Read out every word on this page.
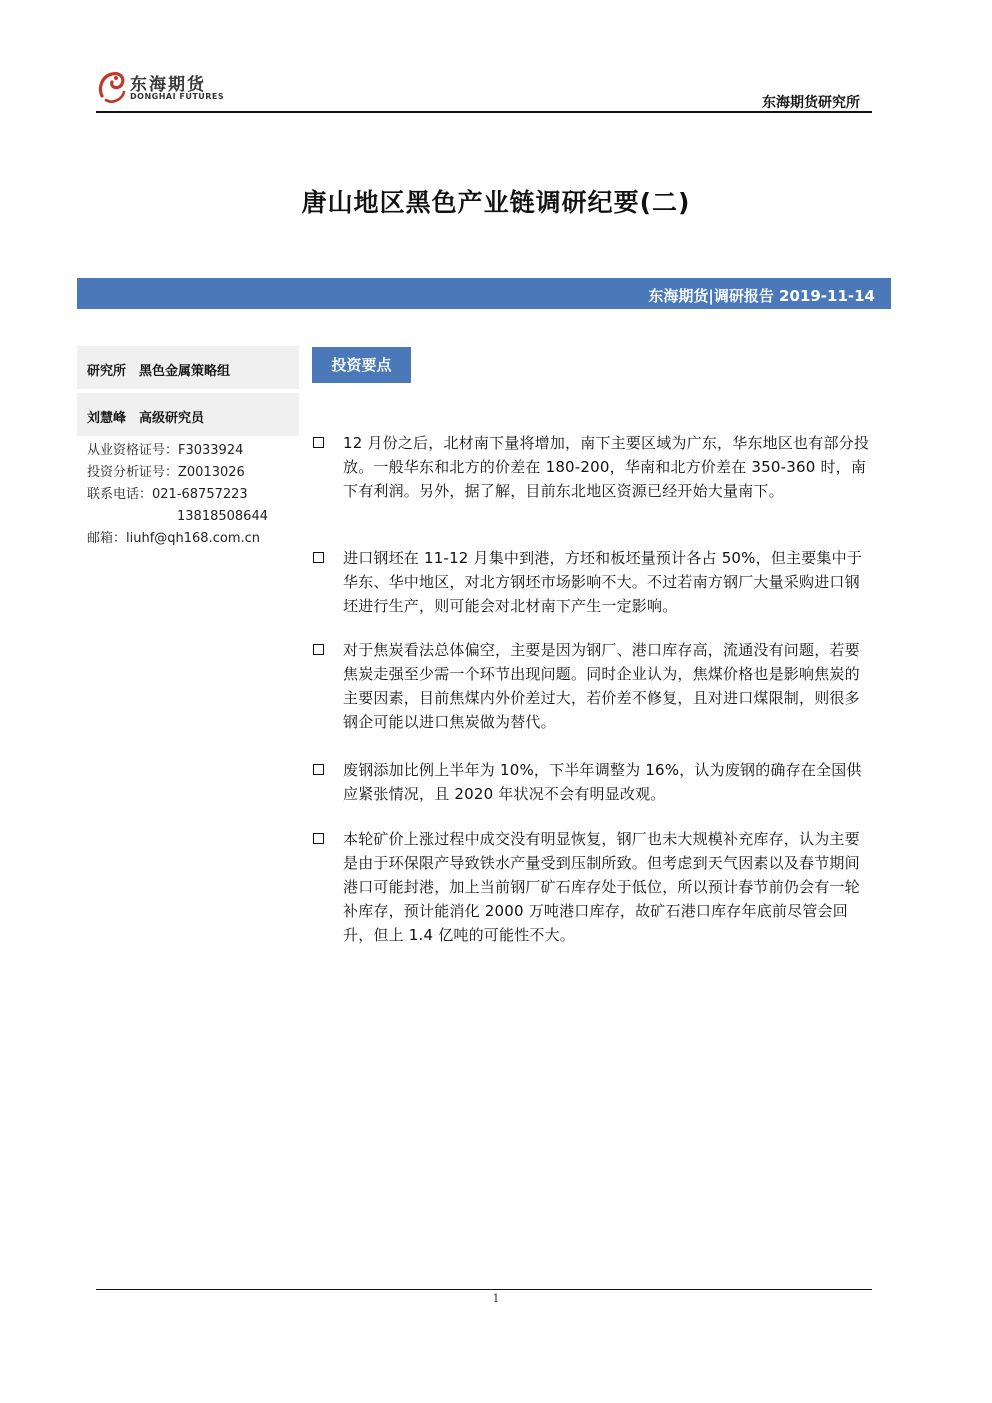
东海期货
DONGHAI FUTURES	东海期货研究所
唐山地区黑色产业链调研纪要(二)
东海期货|调研报告 2019-11-14
研究所　黑色金属策略组
刘慧峰　高级研究员
从业资格证号：F3033924
投资分析证号：Z0013026
联系电话：021-68757223
13818508644
邮箱：liuhf@qh168.com.cn
投资要点
12 月份之后，北材南下量将增加，南下主要区域为广东，华东地区也有部分投放。一般华东和北方的价差在 180-200，华南和北方价差在 350-360 时，南下有利润。另外，据了解，目前东北地区资源已经开始大量南下。
进口钢坯在 11-12 月集中到港，方坯和板坯量预计各占 50%，但主要集中于华东、华中地区，对北方钢坯市场影响不大。不过若南方钢厂大量采购进口钢坯进行生产，则可能会对北材南下产生一定影响。
对于焦炭看法总体偏空，主要是因为钢厂、港口库存高，流通没有问题，若要焦炭走强至少需一个环节出现问题。同时企业认为，焦煤价格也是影响焦炭的主要因素，目前焦煤内外价差过大，若价差不修复，且对进口煤限制，则很多钢企可能以进口焦炭做为替代。
废钢添加比例上半年为 10%，下半年调整为 16%，认为废钢的确存在全国供应紧张情况，且 2020 年状况不会有明显改观。
本轮矿价上涨过程中成交没有明显恢复，钢厂也未大规模补充库存，认为主要是由于环保限产导致铁水产量受到压制所致。但考虑到天气因素以及春节期间港口可能封港，加上当前钢厂矿石库存处于低位，所以预计春节前仍会有一轮补库存，预计能消化 2000 万吨港口库存，故矿石港口库存年底前尽管会回升，但上 1.4 亿吨的可能性不大。
1
